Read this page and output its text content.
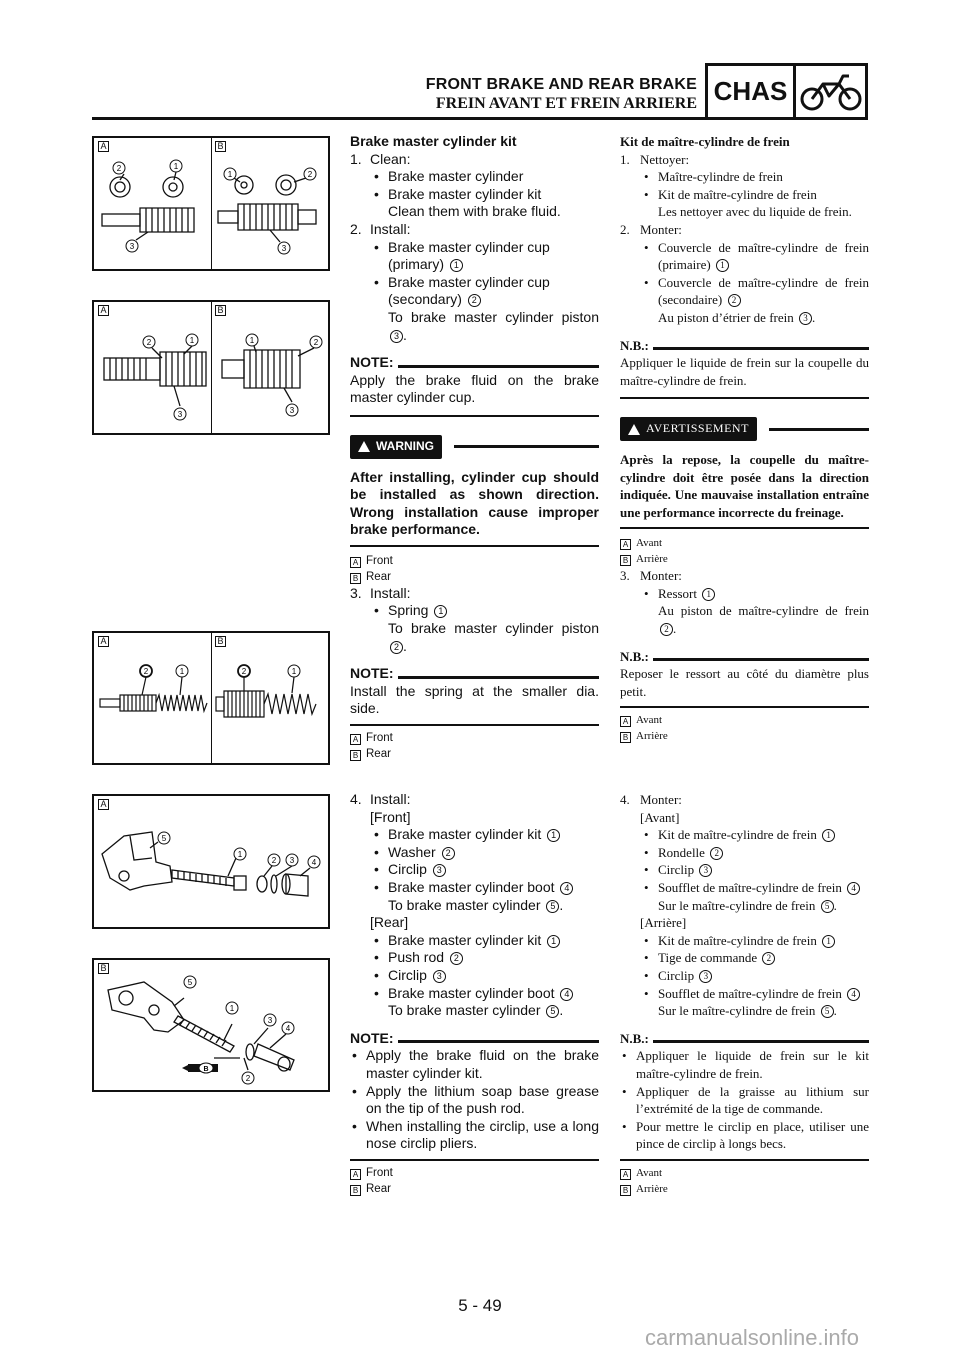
FRONT BRAKE AND REAR BRAKE
FREIN AVANT ET FREIN ARRIERE CHAS
A	B
2	1
3
1	2
3
A	B
2	1
3
1	2
3
A	B
2	1	2	1
A
5
1
2 3 4
B
B
5
1
3
4
2
Brake master cylinder kit
1. Clean:
• Brake master cylinder
• Brake master cylinder kit
Clean them with brake fluid.
2. Install:
• Brake master cylinder cup (primary) 1
• Brake master cylinder cup (secondary) 2
To brake master cylinder piston 3 .
NOTE:
Apply the brake fluid on the brake master cylinder cup.
WARNING
After installing, cylinder cup should be installed as shown direction. Wrong installation cause improper brake performance.
A Front
B Rear
3. Install:
• Spring 1
To brake master cylinder piston 2 .
NOTE:
Install the spring at the smaller dia. side.
A Front
B Rear
4. Install:
[Front]
• Brake master cylinder kit 1
• Washer 2
• Circlip 3
• Brake master cylinder boot 4
To brake master cylinder 5 .
[Rear]
• Brake master cylinder kit 1
• Push rod 2
• Circlip 3
• Brake master cylinder boot 4
To brake master cylinder 5 .
NOTE:
• Apply the brake fluid on the brake master cylinder kit.
• Apply the lithium soap base grease on the tip of the push rod.
• When installing the circlip, use a long nose circlip pliers.
A Front
B Rear
Kit de maître-cylindre de frein
1. Nettoyer:
• Maître-cylindre de frein
• Kit de maître-cylindre de frein
Les nettoyer avec du liquide de frein.
2. Monter:
• Couvercle de maître-cylindre de frein (primaire) 1
• Couvercle de maître-cylindre de frein (secondaire) 2
Au piston d’étrier de frein 3 .
N.B.:
Appliquer le liquide de frein sur la coupelle du maître-cylindre de frein.
AVERTISSEMENT
Après la repose, la coupelle du maître-cylindre doit être posée dans la direction indiquée. Une mauvaise installation entraîne une performance incorrecte du freinage.
A Avant
B Arrière
3. Monter:
• Ressort 1
Au piston de maître-cylindre de frein 2 .
N.B.:
Reposer le ressort au côté du diamètre plus petit.
A Avant
B Arrière
4. Monter:
[Avant]
• Kit de maître-cylindre de frein 1
• Rondelle 2
• Circlip 3
• Soufflet de maître-cylindre de frein 4
Sur le maître-cylindre de frein 5 .
[Arrière]
• Kit de maître-cylindre de frein 1
• Tige de commande 2
• Circlip 3
• Soufflet de maître-cylindre de frein 4
Sur le maître-cylindre de frein 5 .
N.B.:
• Appliquer le liquide de frein sur le kit maître-cylindre de frein.
• Appliquer de la graisse au lithium sur l’extrémité de la tige de commande.
• Pour mettre le circlip en place, utiliser une pince de circlip à longs becs.
A Avant
B Arrière
5 - 49
carmanualsonline.info
